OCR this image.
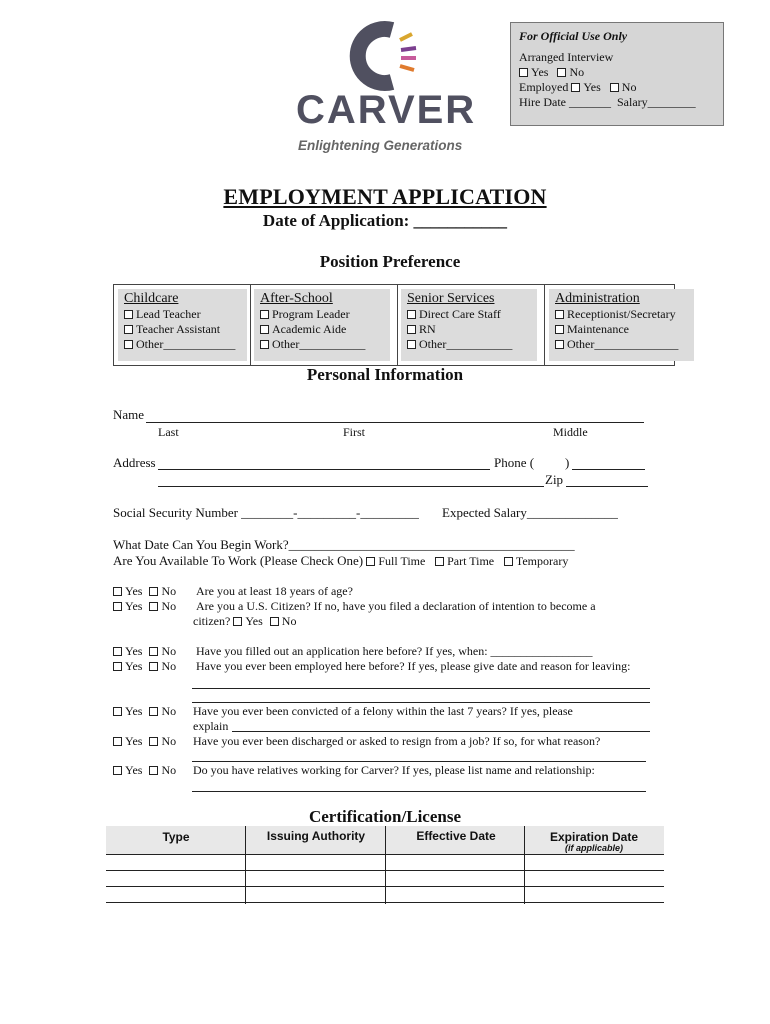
CARVER
Enlightening Generations
For Official Use Only
Arranged Interview
Yes No
Employed Yes No
Hire Date _______ Salary________
EMPLOYMENT APPLICATION
Date of Application: ___________
Position Preference
Childcare
Lead Teacher
Teacher Assistant
Other____________
After-School
Program Leader
Academic Aide
Other___________
Senior Services
Direct Care Staff
RN
Other___________
Administration
Receptionist/Secretary
Maintenance
Other______________
Personal Information
Name
Last	First	Middle
Address	Phone ( )
Zip
Social Security Number ________-_________-_________ Expected Salary______________
What Date Can You Begin Work?____________________________________________
Are You Available To Work (Please Check One) Full Time Part Time Temporary
Yes No Are you at least 18 years of age?
Yes No Are you a U.S. Citizen? If no, have you filed a declaration of intention to become a
citizen? Yes No
Yes No Have you filled out an application here before? If yes, when: _________________
Yes No Have you ever been employed here before? If yes, please give date and reason for leaving:
Yes No Have you ever been convicted of a felony within the last 7 years? If yes, please
explain
Yes No Have you ever been discharged or asked to resign from a job? If so, for what reason?
Yes No Do you have relatives working for Carver? If yes, please list name and relationship:
Certification/License
Type	Issuing Authority	Effective Date	Expiration Date
(if applicable)
